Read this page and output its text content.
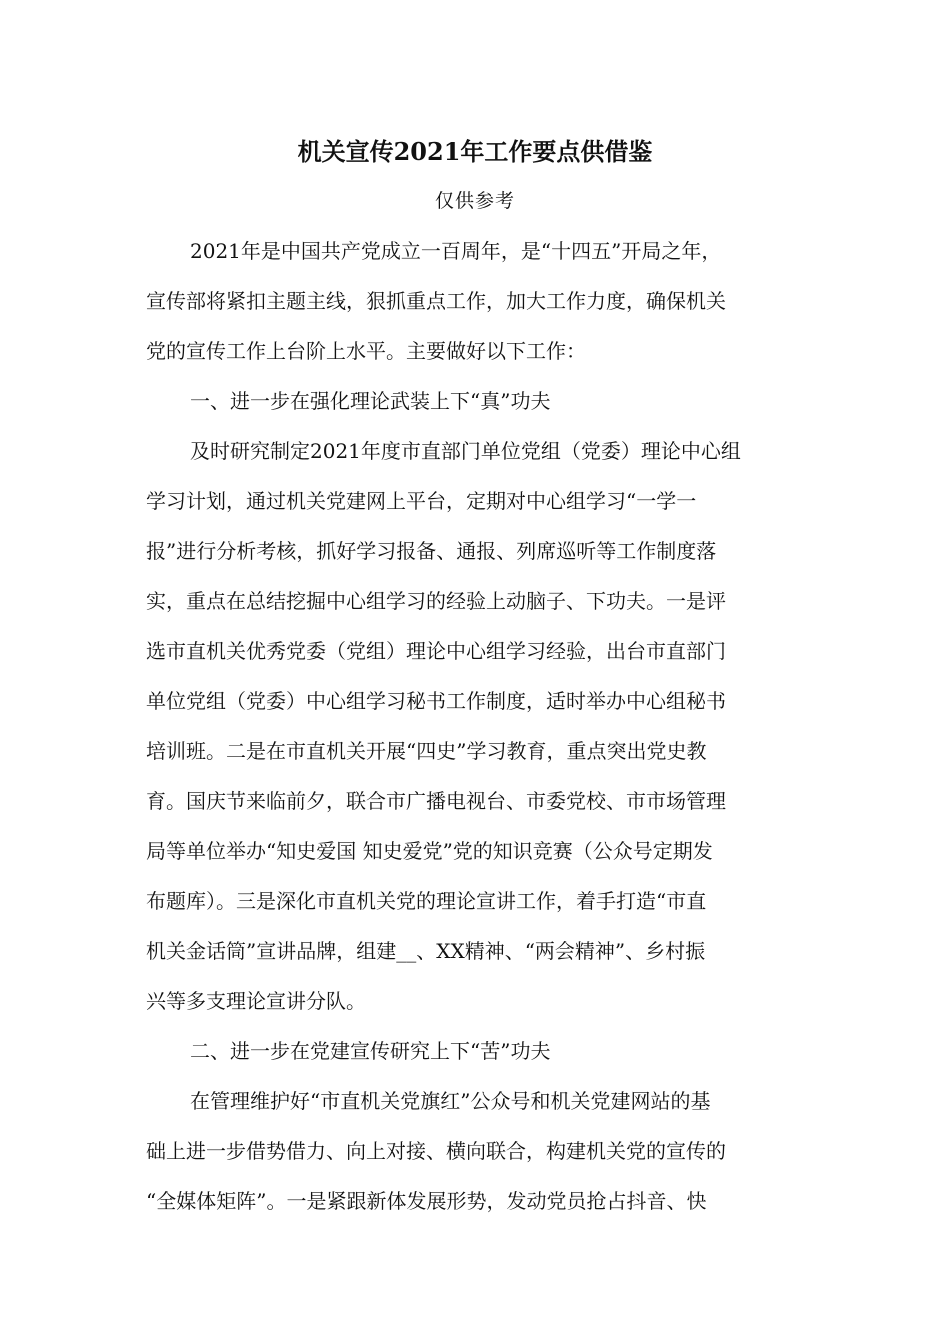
机关宣传2021年工作要点供借鉴
仅供参考
2021年是中国共产党成立一百周年，是“十四五”开局之年，
宣传部将紧扣主题主线，狠抓重点工作，加大工作力度，确保机关
党的宣传工作上台阶上水平。主要做好以下工作：
一、进一步在强化理论武装上下“真”功夫
及时研究制定2021年度市直部门单位党组（党委）理论中心组
学习计划，通过机关党建网上平台，定期对中心组学习“一学一
报”进行分析考核，抓好学习报备、通报、列席巡听等工作制度落
实，重点在总结挖掘中心组学习的经验上动脑子、下功夫。一是评
选市直机关优秀党委（党组）理论中心组学习经验，出台市直部门
单位党组（党委）中心组学习秘书工作制度，适时举办中心组秘书
培训班。二是在市直机关开展“四史”学习教育，重点突出党史教
育。国庆节来临前夕，联合市广播电视台、市委党校、市市场管理
局等单位举办“知史爱国 知史爱党”党的知识竞赛（公众号定期发
布题库）。三是深化市直机关党的理论宣讲工作，着手打造“市直
机关金话筒”宣讲品牌，组建__、XX精神、“两会精神”、乡村振
兴等多支理论宣讲分队。
二、进一步在党建宣传研究上下“苦”功夫
在管理维护好“市直机关党旗红”公众号和机关党建网站的基
础上进一步借势借力、向上对接、横向联合，构建机关党的宣传的
“全媒体矩阵”。一是紧跟新体发展形势，发动党员抢占抖音、快
